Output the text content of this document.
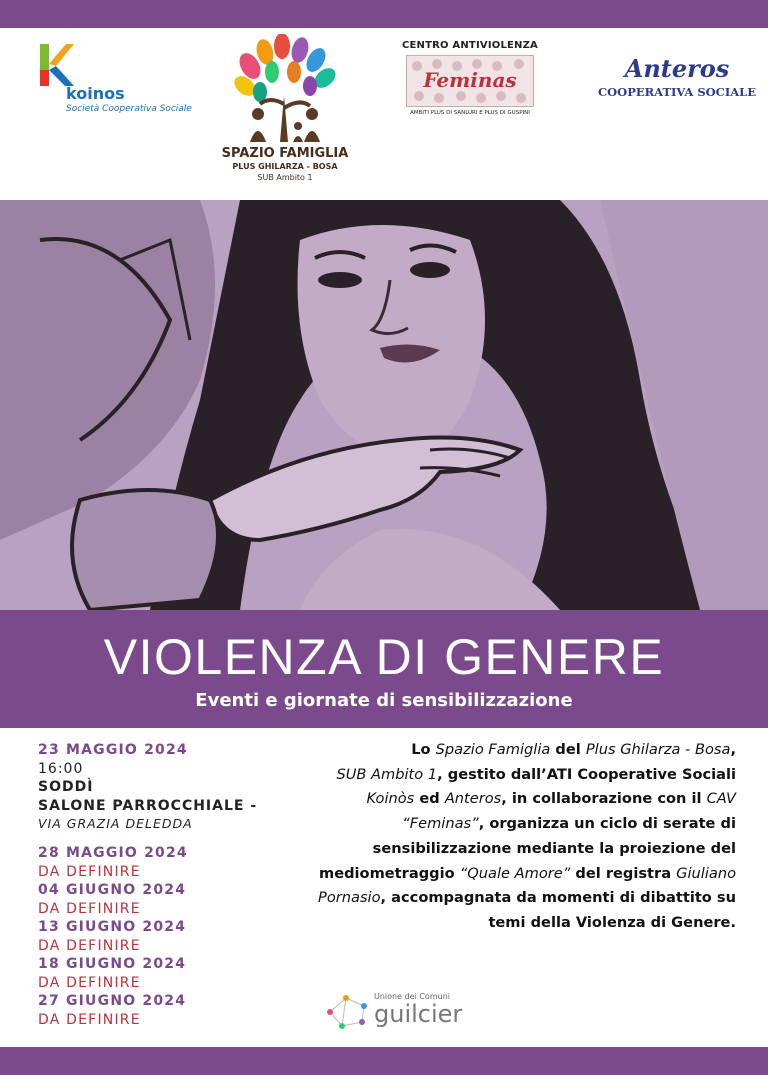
koinos
Società Cooperativa Sociale
SPAZIO FAMIGLIA
PLUS GHILARZA - BOSA
SUB Ambito 1
CENTRO ANTIVIOLENZA
Feminas
AMBITI PLUS DI SANLURI E PLUS DI GUSPINI
Anteros
COOPERATIVA SOCIALE
VIOLENZA DI GENERE
Eventi e giornate di sensibilizzazione
23 MAGGIO 2024
16:00
SODDÌ
SALONE PARROCCHIALE -
VIA GRAZIA DELEDDA
28 MAGGIO 2024
DA DEFINIRE
04 GIUGNO 2024
DA DEFINIRE
13 GIUGNO 2024
DA DEFINIRE
18 GIUGNO 2024
DA DEFINIRE
27 GIUGNO 2024
DA DEFINIRE
Lo Spazio Famiglia del Plus Ghilarza - Bosa,
SUB Ambito 1, gestito dall’ATI Cooperative Sociali Koinòs ed Anteros, in collaborazione con il CAV “Feminas”, organizza un ciclo di serate di sensibilizzazione mediante la proiezione del mediometraggio “Quale Amore” del registra Giuliano Pornasio, accompagnata da momenti di dibattito su temi della Violenza di Genere.
Unione dei Comuni
guilcier
